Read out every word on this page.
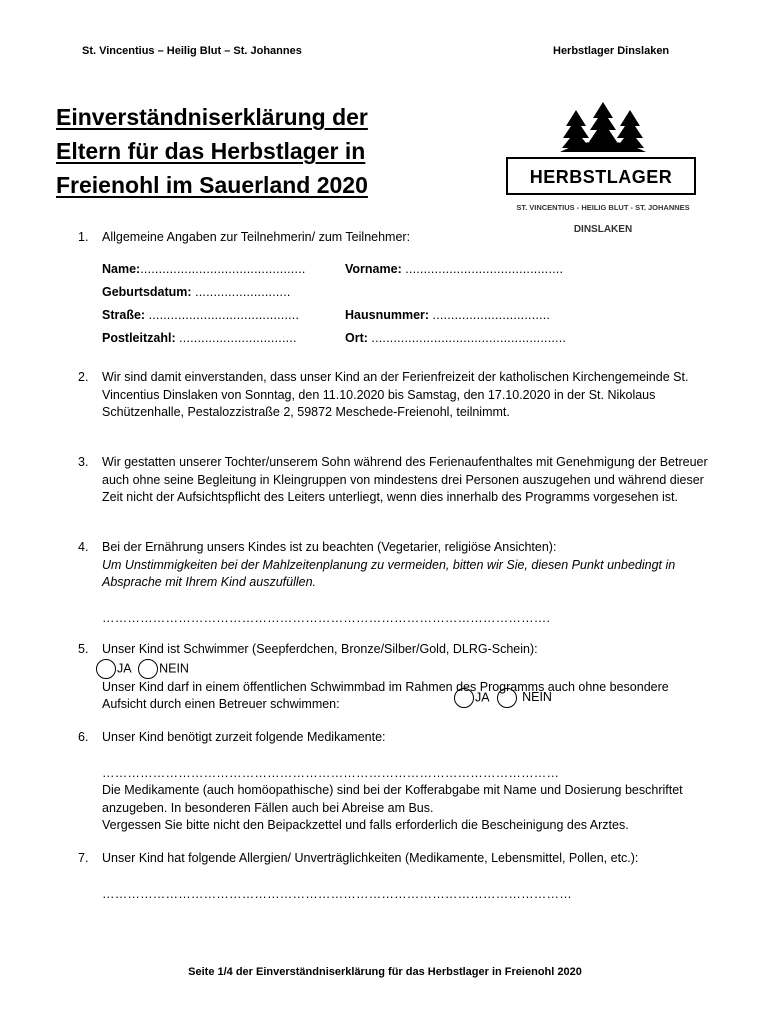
St. Vincentius – Heilig Blut – St. Johannes	Herbstlager Dinslaken
Einverständniserklärung der
Eltern für das Herbstlager in
Freienohl im Sauerland 2020	HERBSTLAGER
ST. VINCENTIUS - HEILIG BLUT - ST. JOHANNES
DINSLAKEN
1. Allgemeine Angaben zur Teilnehmerin/ zum Teilnehmer:
Name:.............................................	Vorname: ...........................................
Geburtsdatum: ..........................
Straße: .........................................	Hausnummer: ................................
Postleitzahl: ................................	Ort: .....................................................
2. Wir sind damit einverstanden, dass unser Kind an der Ferienfreizeit der katholischen Kirchengemeinde St. Vincentius Dinslaken von Sonntag, den 11.10.2020 bis Samstag, den 17.10.2020 in der St. Nikolaus Schützenhalle, Pestalozzistraße 2, 59872 Meschede-Freienohl, teilnimmt.
3. Wir gestatten unserer Tochter/unserem Sohn während des Ferienaufenthaltes mit Genehmigung der Betreuer auch ohne seine Begleitung in Kleingruppen von mindestens drei Personen auszugehen und während dieser Zeit nicht der Aufsichtspflicht des Leiters unterliegt, wenn dies innerhalb des Programms vorgesehen ist.
4. Bei der Ernährung unsers Kindes ist zu beachten (Vegetarier, religiöse Ansichten):
Um Unstimmigkeiten bei der Mahlzeitenplanung zu vermeiden, bitten wir Sie, diesen Punkt unbedingt in Absprache mit Ihrem Kind auszufüllen.
…………………………………………………………………………………………….
5. Unser Kind ist Schwimmer (Seepferdchen, Bronze/Silber/Gold, DLRG-Schein):
JA NEIN
Unser Kind darf in einem öffentlichen Schwimmbad im Rahmen des Programms auch ohne besondere Aufsicht durch einen Betreuer schwimmen:
JA	NEIN
6. Unser Kind benötigt zurzeit folgende Medikamente:
………………………………………………………………………………………………
Die Medikamente (auch homöopathische) sind bei der Kofferabgabe mit Name und Dosierung beschriftet anzugeben. In besonderen Fällen auch bei Abreise am Bus.
Vergessen Sie bitte nicht den Beipackzettel und falls erforderlich die Bescheinigung des Arztes.
7. Unser Kind hat folgende Allergien/ Unverträglichkeiten (Medikamente, Lebensmittel, Pollen, etc.):
…………………………………………………………………………………………………
Seite 1/4 der Einverständniserklärung für das Herbstlager in Freienohl 2020
